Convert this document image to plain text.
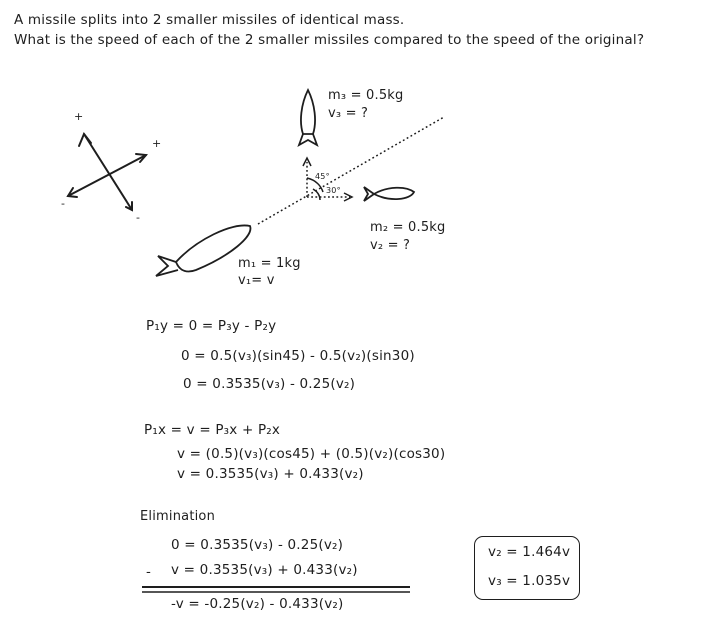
A missile splits into 2 smaller missiles of identical mass.
What is the speed of each of the 2 smaller missiles compared to the speed of the original?
+
+
-
-
45°
30°
m₃ = 0.5kg
v₃ = ?
m₂ = 0.5kg
v₂ = ?
m₁ = 1kg
v₁= v
P₁y = 0 = P₃y - P₂y
0 = 0.5(v₃)(sin45) - 0.5(v₂)(sin30)
0 = 0.3535(v₃) - 0.25(v₂)
P₁x = v = P₃x + P₂x
v = (0.5)(v₃)(cos45) + (0.5)(v₂)(cos30)
v = 0.3535(v₃) + 0.433(v₂)
Elimination
0 = 0.3535(v₃) - 0.25(v₂)
- v = 0.3535(v₃) + 0.433(v₂)
-v = -0.25(v₂) - 0.433(v₂)
v₂ = 1.464v
v₃ = 1.035v
